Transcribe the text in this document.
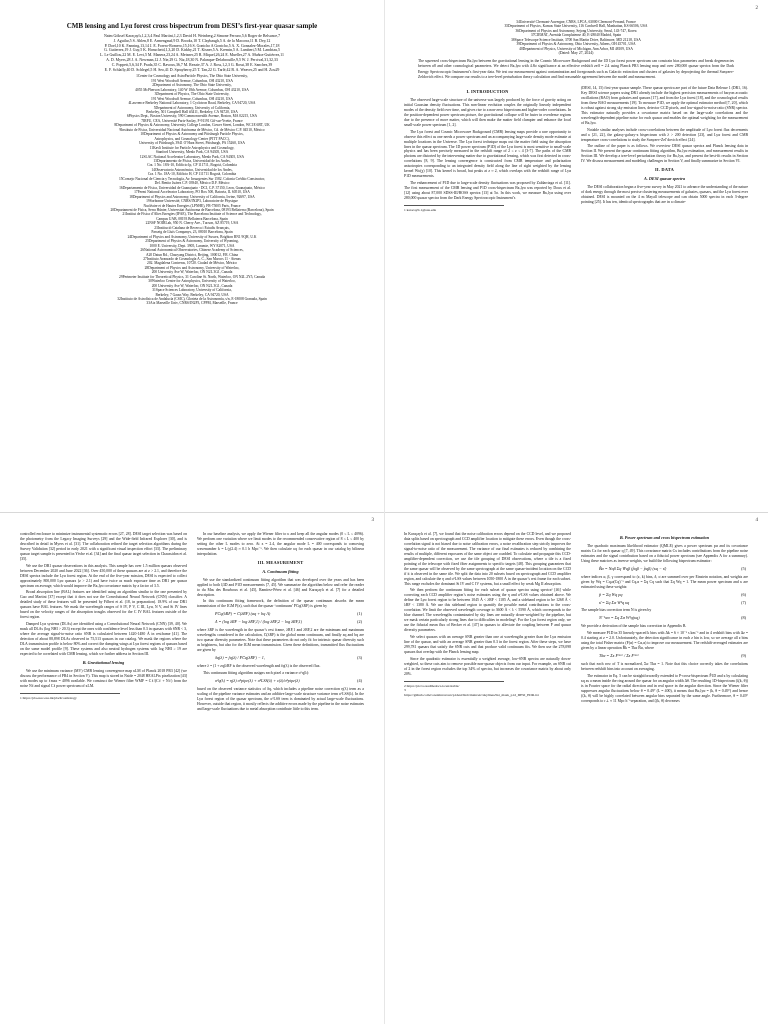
CMB lensing and Lyα forest cross bispectrum from DESI’s first-year quasar sample
Naim Göksel Karaçaylı,1,2,3,4 Paul Martini,1,2,3 David H. Weinberg,2 Simone Ferraro,5,6 Roger de Belsunce,7
J. Aguilar,5 S. Ahlen,8 E. Armengaud,9 D. Brooks,10 T. Claybaugh,5 A. de la Macorra,11 B. Dey,12
P. Doel,10 K. Fanning,13,14 J. E. Forero-Romero,15,16 S. Gontcho A Gontcho,5 A. X. Gonzalez-Morales,17,18
G. Gutierrez,19 J. Guy,5 K. Honscheid,1,3,20 D. Kirkby,21 T. Kisner,5 A. Kremin,5 A. Lambert,5 M. Landriau,5
L. Le Guillou,22 M. E. Levi,5 M. Manera,23,24 A. Meisner,25 R. Miquel,26,24 E. Mueller,27 A. Muñoz-Gutiérrez,11
A. D. Myers,28 J. A. Newman,12 J. Nie,29 G. Niz,18,30 N. Palanque-Delabrouille,9,5 W. J. Percival,31,32,33
C. Poppett,5,6,34 F. Prada,35 C. Ravoux,36,7 M. Rezaie,37 A. J. Ross,1,2,3 G. Rossi,38 E. Sanchez,39
E. F. Schlafly,40 D. Schlegel,5 H. Seo,41 D. Sprayberry,25 T. Tan,22 G. Tarlé,42 B. A. Weaver,25 and H. Zou29
1Center for Cosmology and AstroParticle Physics, The Ohio State University,
191 West Woodruff Avenue, Columbus, OH 43210, USA
2Department of Astronomy, The Ohio State University,
4055 McPherson Laboratory, 140 W 18th Avenue, Columbus, OH 43210, USA
3Department of Physics, The Ohio State University,
191 West Woodruff Avenue, Columbus, OH 43210, USA
4Lawrence Berkeley National Laboratory, 1 Cyclotron Road, Berkeley, CA 94720, USA
5Department of Astronomy, University of California,
Berkeley, 501 Campbell Hall #3411, Berkeley, CA 94720, USA
6Physics Dept., Boston University, 590 Commonwealth Avenue, Boston, MA 02215, USA
7IRFU, CEA, Université Paris-Saclay, F-91191 Gif-sur-Yvette, France
8Department of Physics & Astronomy, University College London, Gower Street, London, WC1E 6BT, UK
9Instituto de Física, Universidad Nacional Autónoma de México, Cd. de México C.P. 04510, México
10Department of Physics & Astronomy and Pittsburgh Particle Physics,
Astrophysics, and Cosmology Center (PITT PACC),
University of Pittsburgh, 3941 O’Hara Street, Pittsburgh, PA 15260, USA
11Kavli Institute for Particle Astrophysics and Cosmology,
Stanford University, Menlo Park, CA 94305, USA
12SLAC National Accelerator Laboratory, Menlo Park, CA 94305, USA
13Departamento de Física, Universidad de los Andes,
Cra. 1 No. 18A-10, Edificio Ip, CP 111711, Bogotá, Colombia
14Observatorio Astronómico, Universidad de los Andes,
Cra. 1 No. 18A-10, Edificio H, CP 111711 Bogotá, Colombia
15Consejo Nacional de Ciencia y Tecnología, Av. Insurgentes Sur 1582. Colonia Crédito Constructor,
Del. Benito Juárez C.P. 03940, México D.F. México
16Departamento de Física, Universidad de Guanajuato - DCI, C.P. 37150, Leon, Guanajuato, México
17Fermi National Accelerator Laboratory, PO Box 500, Batavia, IL 60510, USA
18Department of Physics and Astronomy, University of California, Irvine, 92697, USA
19Sorbonne Université, CNRS/IN2P3, Laboratoire de Physique
Nucléaire et de Hautes Energies (LPNHE), FR-75005 Paris, France
20Departament de Física, Serra Húnter, Universitat Autònoma de Barcelona, 08193 Bellaterra (Barcelona), Spain
21Institut de Física d’Altes Energies (IFAE), The Barcelona Institute of Science and Technology,
Campus UAB, 08193 Bellaterra Barcelona, Spain
22NSF NOIRLab, 950 N. Cherry Ave., Tucson, AZ 85719, USA
23Institució Catalana de Recerca i Estudis Avançats,
Passeig de Lluís Companys, 23, 08010 Barcelona, Spain
24Department of Physics and Astronomy, University of Sussex, Brighton BN1 9QH, U.K
25Department of Physics & Astronomy, University of Wyoming,
1000 E. University, Dept. 3905, Laramie, WY 82071, USA
26National Astronomical Observatories, Chinese Academy of Sciences,
A20 Datun Rd., Chaoyang District, Beijing, 100012, P.R. China
27Instituto Avanzado de Cosmología A. C., San Marcos 11 - Atenas
202. Magdalena Contreras, 10720. Ciudad de México, México
28Department of Physics and Astronomy, University of Waterloo,
200 University Ave W, Waterloo, ON N2L 3G1, Canada
29Perimeter Institute for Theoretical Physics, 31 Caroline St. North, Waterloo, ON N2L 2Y5, Canada
30Waterloo Centre for Astrophysics, University of Waterloo,
200 University Ave W, Waterloo, ON N2L 3G1, Canada
31Space Sciences Laboratory, University of California,
Berkeley, 7 Gauss Way, Berkeley, CA 94720, USA
32Instituto de Astrofísica de Andalucía (CSIC), Glorieta de la Astronomía, s/n, E-18008 Granada, Spain
33Aix Marseille Univ, CNRS/IN2P3, CPPM, Marseille, France
2
34Université Clermont-Auvergne, CNRS, LPCA, 63000 Clermont-Ferrand, France
35Department of Physics, Kansas State University, 116 Cardwell Hall, Manhattan, KS 66506, USA
36Department of Physics and Astronomy, Sejong University, Seoul, 143-747, Korea
37CIEMAT, Avenida Complutense 40, E-28040 Madrid, Spain
38Space Telescope Science Institute, 3700 San Martin Drive, Baltimore, MD 21218, USA
39Department of Physics & Astronomy, Ohio University, Athens, OH 45701, USA
40Department of Physics, University of Michigan, Ann Arbor, MI 48109, USA
(Dated: May 27, 2024)
The squeezed cross-bispectrum Bκ,lyα between the gravitational lensing in the Cosmic Microwave Background and the 1D Lyα forest power spectrum can constrain bias parameters and break degeneracies between σ8 and other cosmological parameters. We detect Bκ,lyα with 4.8σ significance at an effective redshift zeff = 2.4 using Planck PR3 lensing map and over 280,000 quasar spectra from the Dark Energy Spectroscopic Instrument’s first-year data. We test our measurement against contamination and foregrounds such as Galactic extinction and clusters of galaxies by deprojecting the thermal Sunyaev-Zeldovich effect. We compare our results to a tree-level perturbation theory calculation and find reasonable agreement between the model and measurement.
I. INTRODUCTION

The observed large-scale structure of the universe was largely produced by the force of gravity acting on initial Gaussian density fluctuations. This non-linear evolution couples the originally linearly independent modes of the density field over time, and gives rise to a non-zero bispectrum and higher-order correlations. In the position-dependent power spectrum picture, the gravitational collapse will be faster in overdense regions due to the presence of more matter, which will then make the matter field clumpier and enhance the local small-scale power spectrum [1, 2].

The Lyα forest and Cosmic Microwave Background (CMB) lensing maps provide a rare opportunity to observe this effect as one needs a power spectrum and an accompanying large-scale density mode estimate at multiple locations in the Universe. The Lyα forest technique maps out the matter field using the absorption lines in the quasar spectrum. The 1D power spectrum (P1D) of the Lyα forest is most sensitive to small-scale physics and has been precisely measured in the redshift range of 2 ≤ z ≤ 4 [3-7]. The paths of the CMB photons are distorted by the intervening matter due to gravitational lensing, which was first detected in cross-correlations [8, 9]. The lensing convergence is constructed from CMB temperature and polarization anisotropies corresponding to an integrated density field along the line of sight weighted by the lensing kernel Wκ(χ) [10]. This kernel is broad, but peaks at z ≈ 2, which overlaps with the redshift range of Lyα P1D measurements.

The enhancement of P1D due to large-scale density fluctuations was proposed by Zaldarriaga et al. [11]. The first measurement of the CMB lensing and P1D cross-bispectrum Bκ,lyα was reported by Doux et al. [12] using about 87,000 SDSS-III/BOSS spectra [13] at 5σ. In this work, we measure Bκ,lyα using over 280,000 quasar spectra from the Dark Energy Spectroscopic Instrument’s

1 karacayli.1@osu.edu

(DESI, 14, 15) first-year quasar sample. These quasar spectra are part of the future Data Release 1 (DR1, 16). Key DESI science papers using DR1 already include the highest precision measurements of baryon acoustic oscillations (BAO) from galaxies and quasars [17], and from the Lyα forest [18], and the cosmological results from these BAO measurements [19]. To measure P1D, we apply the optimal estimator method [7, 20], which is robust against strong sky emission lines, detector CCD pixels, and low-signal-to-noise ratio (SNR) spectra. This estimator naturally provides a covariance matrix based on the large-scale correlations and the wavelength-dependent pipeline noise for each quasar and enables the optimal weighting for the measurement of Bκ,lyα.

Notable similar analyses include cross-correlations between the amplitude of Lyα forest flux decrements and κ [21, 22], the galaxy-galaxy-κ bispectrum with λ > 200 detection [23], and Lyα forest and CMB temperature cross-correlations to study the Sunyaev-Zel’dovich effect [24].

The outline of the paper is as follows. We overview DESI quasar spectra and Planck lensing data in Section II. We present the quasar continuum fitting algorithm, Bκ,lyα estimation, and measurement results in Section III. We develop a tree-level perturbation theory for Bκ,lyα, and present the best-fit results in Section IV. We discuss measurement and modeling challenges in Section V, and finally summarize in Section VI.

II. DATA
A. DESI quasar spectra

The DESI collaboration began a five-year survey in May 2021 to advance the understanding of the nature of dark energy through the most precise clustering measurements of galaxies, quasars, and the Lyα forest ever obtained. DESI is mounted on the 4 m Mayall telescope and can obtain 5000 spectra in each 3-degree pointing [25]. It has ten, identical spectrographs that are in a climate-

3

controlled enclosure to minimize instrumental systematic errors [27, 28]. DESI target selection was based on the photometry from the Legacy Imaging Surveys [29] and the Wide-field Infrared Explorer [30], and is described in detail in Myers et al. [31]. The collaboration refined the target selection algorithms during the Survey Validation [32] period in early 2021 with a significant visual inspection effort [33]. The preliminary quasar target sample is presented in Yèche et al. [34] and the final quasar target selection in Chaussidon et al. [35].

We use the DR1 quasar observations in this analysis. This sample has over 1.5 million quasars observed between December 2020 and June 2022 [36]. Over 450,000 of these quasars are at z > 2.1, and therefore the DESI spectra include the Lyα forest region. At the end of the five-year mission, DESI is expected to collect approximately 800,000 Lyα quasars (z > 2.1) and have twice as much exposure time as DR1 per quasar spectrum on average, which would improve the Bκ,lyα covariance matrix by a factor of 3.5.

Broad absorption line (BAL) features are identified using an algorithm similar to the one presented by Guo and Martini [37] except that it does not use the Convolutional Neural Network (CNN) classifier. A detailed study of these features will be presented by Filbert et al. (18, in preparation). 18.9% of our DR1 quasars have BAL features. We mask the wavelength ranges of S IV, P V, C III, Lyα, N V, and Si IV lines based on the velocity ranges of the absorption troughs observed for the C IV BAL features outside of the forest region.

Damped Lyα systems (DLAs) are identified using a Convolutional Neural Network (CNN) [39, 40]. We mask all DLAs (log NHI > 20.3) except the ones with confidence level less than 0.3 in quasars with SNR < 3, where the average signal-to-noise ratio SNR is calculated between 1420-1480 Å in restframe [41]. The detection of about 88,898 DLAs observed in 75,513 quasars in our catalog. We mask the regions where the DLA transmission profile is below 80% and correct the damping wings at Lyα forest regions of quasars based on the same model profile [9]. These systems and also neutral hydrogen systems with log NHI ≥ 19 are expected to be correlated with CMB lensing, which we further address in Section III.

B. Gravitational lensing

We use the minimum variance (MV) CMB lensing convergence map κLM of Planck 2018 PR3 [42] (we discuss the performance of PR4 in Section V). This map is stored in Nside = 2048 HEALPix pixelization [43] with modes up to ℓmax = 4096 available. We construct the Wiener filter WMF = Cℓ/(Cℓ + Nℓ) from the noise Nℓ and signal Cℓ power spectrum of κLM.

1 https://pla.esac.esa.int/pla/#cosmology

In our baseline analysis, we apply the Wiener filter to κ and keep all the angular modes (0 ≤ L ≤ 4096). We perform one variation where we limit modes to the recommended conservative region of 8 ≤ L ≤ 400 by setting the other L modes to zero. At z = 2.4, the angular mode L = 400 corresponds to comoving wavenumber k = L/χ(2.4) ≈ 0.1 h Mpc⁻¹. We then calculate κq for each quasar in our catalog by bilinear interpolation.

III. MEASUREMENT
A. Continuum fitting

We use the standardized continuum fitting algorithm that was developed over the years and has been applied to both ξ3D and P1D measurements [7, 45]. We summarize the algorithm below and refer the reader to du Mas des Bourboux et al. [45], Ramírez-Pérez et al. [46] and Karaçaylı et al. [7] for a detailed description.

In this continuum fitting framework, the definition of the quasar continuum absorbs the mean transmission of the IGM F̄(z), such that the quasar ‘continuum’ F̄C̄q(λRF) is given by

F̄C̄q(λRF) = C̄(λRF) (aq + bq Λ)	(1)
Λ = (log λRF − log λRF,1) / (log λRF,2 − log λRF,1)	(2)

where λRF is the wavelength in the quasar’s rest frame, λRF,1 and λRF,2 are the minimum and maximum wavelengths considered in the calculation, C̄(λRF) is the global mean continuum, and finally aq and bq are two quasar diversity parameters. Note that these parameters do not only fit for intrinsic quasar diversity such as brightness, but also for the IGM mean transmission. Given these definitions, transmitted flux fluctuations are given by

δq(λ) = fq(λ) / F̄C̄q(λRF) − 1,	(3)

where λ = (1 + zq)λRF is the observed wavelength and fq(λ) is the observed flux.

This continuum fitting algorithm assigns each pixel a variance σ²q(λ):

σ²q(λ) = η(λ) σ²pipe(λ) + σ²LSS(λ) + ε(λ)/σ²pipe(λ)	(4)

based on the observed variance statistics of δq, which includes a pipeline noise correction η(λ) term as a scaling of the pipeline variance estimates and an additive large-scale structure variance term σ²LSS(λ). In the Lyα forest region of the quasar spectrum, the σ²LSS term is dominated by actual large-scale fluctuations. However, outside that region, it mostly reflects the additive errors made by the pipeline in the noise estimates and large-scale fluctuations due to metal absorption contribute little to this term.

4

In Karaçaylı et al. [7], we found that the noise calibration errors depend on the CCD level, and we proposed data splits based on spectrograph and CCD amplifier location to mitigate these errors. Even though the cross-correlation signal is not biased due to noise calibration errors, a noise recalibration step strictly improves the signal-to-noise ratio of the measurement. The variance of our final estimates is reduced by combining the results of multiple, different exposures of the same object are coadded. To calculate and propagate this CCD-amplifier-dependent correction, we use the tile grouping of DESI observations, where a tile is a fixed pointing of the telescope with fixed fiber assignments to specific targets [48]. This grouping guarantees that the same quasar will be observed by the same spectrograph at the same quasar-incident location on the CCD if it is observed in the same tile. We split the data into 20 subsets based on spectrograph and CCD amplifier region, and calculate the η and σ²LSS values between 1050-1800 Å in the quasar’s rest frame for each subset. This range excludes the dominant Si IV and C IV systems, but a small effect by weak Mg II absorption.

We then perform the continuum fitting for each subset of quasar spectra using spectra² [46] while correcting each CCD amplifier region’s noise estimates using the η and σ²LSS values obtained above. We define the Lyα forest region to be between 1045 Å < λRF < 1185 Å, and a sideband region to be 1268 Å < λRF < 1380 Å. We use this sideband region to quantify the possible metal contributions to the cross-correlation. We limit the observed wavelength coverage to 3600 Å < λ < 5590 Å, which corresponds to the blue channel. The wavelengths contaminated by sky lines are naturally down-weighted by the pipeline, but we mask certain particularly strong lines due to difficulties in modeling³. For the Lyα forest region only, we use the fiducial mean flux of Becker et al. [47] in quasars to alleviate the coupling between F̄ and quasar diversity parameters.

We select quasars with an average SNR greater than one at wavelengths greater than the Lyα emission line of the quasar, and with an average SNR greater than 0.3 in the forest region. After these steps, we have 299,781 quasars that satisfy the SNR cuts and that produce valid continuum fits. We then use the 278,098 quasars that overlap with the Planck lensing map.

Since the quadratic estimator is essentially a weighted average, low-SNR spectra are naturally down-weighted, so these cuts aim to remove possible non-quasar objects from our input. For example, an SNR cut of 2 in the forest region excludes the top 34% of spectra, but increases the covariance matrix by about only 20%.

2 https://picca.readthedocs.io/en/stable/
3 https://github.com/corentinravoux/p1desi/blob/main/etc/skylines/list_mask_p1d_DESI_EDR.txt
B. Power spectrum and cross bispectrum estimation

The quadratic maximum likelihood estimator (QMLE) gives a power spectrum pα and its covariance matrix Cx for each quasar q [7, 49]. This covariance matrix Cx includes contributions from the pipeline noise estimates and the signal contribution based on a fiducial power spectrum (see Appendix A for a summary). Using these matrices as inverse weights, we build the following bispectrum estimator:

B̂α = Nαβ Σq W̄qβ (p̂qβ − p̂qβ) (κq − κ̄)	(5)

where indices α, β, γ correspond to (z, k) bins, δ, σ are summed over per Einstein notation, and weights are given by Wq = Cq,α(Cq)⁻¹ and Cq,α = Σq Cq such that Σq Wq = 1. The mean power spectrum and κ are estimated using these weights:

p̄ = Σq Wq pq	(6)
κ̄ = Σq Σα W²q κq	(7)

The sample bias correction term N is given by

N⁻¹αα = Σq Σα W²q(κq)	(8)

We provide a derivation of the sample bias correction in Appendix B.

We measure P1D in 35 linearly-spaced k bins with Δk = 6 × 10⁻³ s km⁻¹ and in 4 redshift bins with Δz = 0.4 starting at z = 2.0. Unfortunately, the detection significance in each z bin is low, so we average all z bins using the total Fisher matrix (F(α) = Cα,α) to improve our measurement. The redshift-averaged estimates are given by a linear operation B̂k = Tkα B̂α, where

Tkα = Σz F⁽ᵏᵃ⁾ / Σz F⁽ᵏᵃ⁾	(9)

such that each row of T is normalized, Σα Tkα = 1. Note that this choice correctly takes the correlations between redshift bins into account on averaging.

The estimator in Eq. 5 can be straightforwardly extended to P-cross-bispectrum P̂1D and κ by calculating κq as a mean inside the ring around the quasar for an angular width Δθ. The resulting 1D-bispectrum (ζ(k, θ)) is in Fourier space for the radial direction and in real space in the angular direction. Since the Wiener filter suppresses angular fluctuations below θ = 0.49° (L = 400), it means that Bκ,lyα = (k, θ = 0.49°) and hence (ζk, θ) will be highly correlated between angular bins separated by the same angle. Furthermore, θ = 0.49° corresponds to r⊥ ≈ 11 Mpc h⁻¹separation, and ζ(k, θ) decreases
